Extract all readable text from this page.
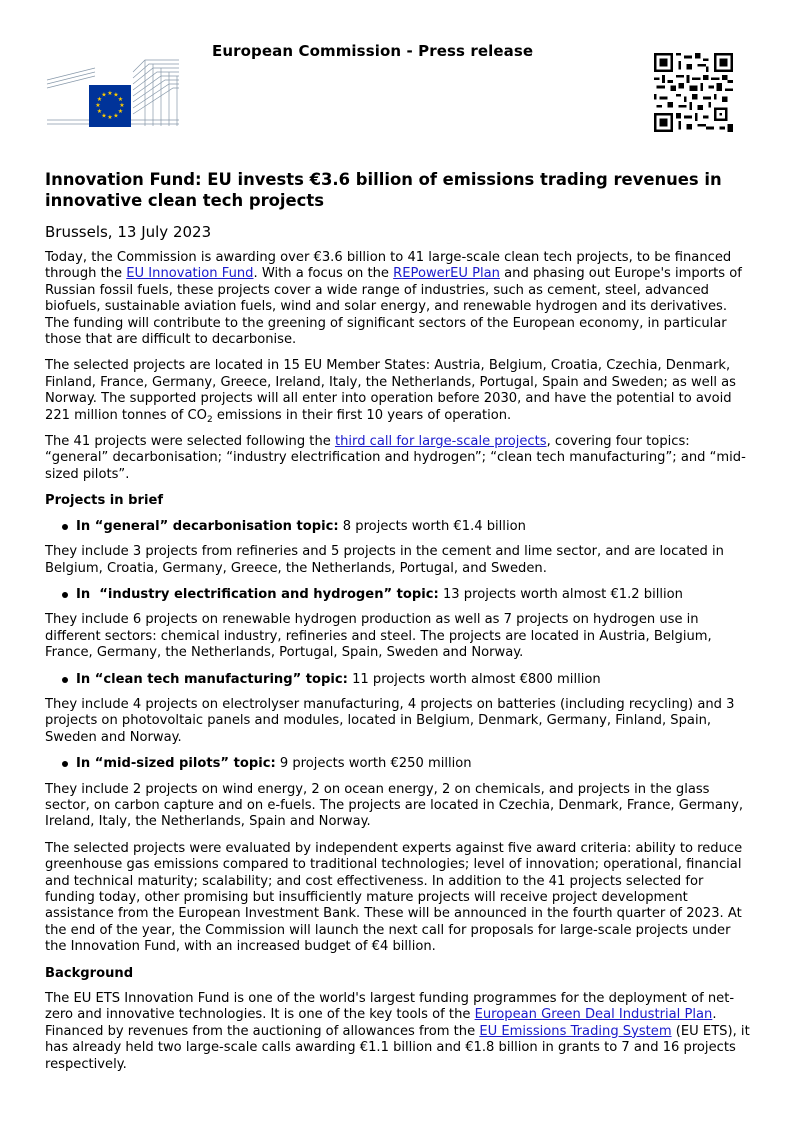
European Commission - Press release
★ ★
★
★
★
★
★
★
★
★
★
★
Innovation Fund: EU invests €3.6 billion of emissions trading revenues in innovative clean tech projects
Brussels, 13 July 2023

Today, the Commission is awarding over €3.6 billion to 41 large-scale clean tech projects, to be financed through the EU Innovation Fund. With a focus on the REPowerEU Plan and phasing out Europe's imports of Russian fossil fuels, these projects cover a wide range of industries, such as cement, steel, advanced biofuels, sustainable aviation fuels, wind and solar energy, and renewable hydrogen and its derivatives. The funding will contribute to the greening of significant sectors of the European economy, in particular those that are difficult to decarbonise.

The selected projects are located in 15 EU Member States: Austria, Belgium, Croatia, Czechia, Denmark, Finland, France, Germany, Greece, Ireland, Italy, the Netherlands, Portugal, Spain and Sweden; as well as Norway. The supported projects will all enter into operation before 2030, and have the potential to avoid 221 million tonnes of $CO_2$ emissions in their first 10 years of operation.

The 41 projects were selected following the third call for large-scale projects, covering four topics: “general” decarbonisation; “industry electrification and hydrogen”; “clean tech manufacturing”; and “mid-sized pilots”.

Projects in brief
In “general” decarbonisation topic: 8 projects worth €1.4 billion

They include 3 projects from refineries and 5 projects in the cement and lime sector, and are located in Belgium, Croatia, Germany, Greece, the Netherlands, Portugal, and Sweden.

In  “industry electrification and hydrogen” topic: 13 projects worth almost €1.2 billion

They include 6 projects on renewable hydrogen production as well as 7 projects on hydrogen use in different sectors: chemical industry, refineries and steel. The projects are located in Austria, Belgium, France, Germany, the Netherlands, Portugal, Spain, Sweden and Norway.

In “clean tech manufacturing” topic: 11 projects worth almost €800 million

They include 4 projects on electrolyser manufacturing, 4 projects on batteries (including recycling) and 3 projects on photovoltaic panels and modules, located in Belgium, Denmark, Germany, Finland, Spain, Sweden and Norway.

In “mid-sized pilots” topic: 9 projects worth €250 million

They include 2 projects on wind energy, 2 on ocean energy, 2 on chemicals, and projects in the glass sector, on carbon capture and on e-fuels. The projects are located in Czechia, Denmark, France, Germany, Ireland, Italy, the Netherlands, Spain and Norway.

The selected projects were evaluated by independent experts against five award criteria: ability to reduce greenhouse gas emissions compared to traditional technologies; level of innovation; operational, financial and technical maturity; scalability; and cost effectiveness. In addition to the 41 projects selected for funding today, other promising but insufficiently mature projects will receive project development assistance from the European Investment Bank. These will be announced in the fourth quarter of 2023. At the end of the year, the Commission will launch the next call for proposals for large-scale projects under the Innovation Fund, with an increased budget of €4 billion.

Background

The EU ETS Innovation Fund is one of the world's largest funding programmes for the deployment of net-zero and innovative technologies. It is one of the key tools of the European Green Deal Industrial Plan.  Financed by revenues from the auctioning of allowances from the EU Emissions Trading System (EU ETS), it has already held two large-scale calls awarding €1.1 billion and €1.8 billion in grants to 7 and 16 projects respectively.
